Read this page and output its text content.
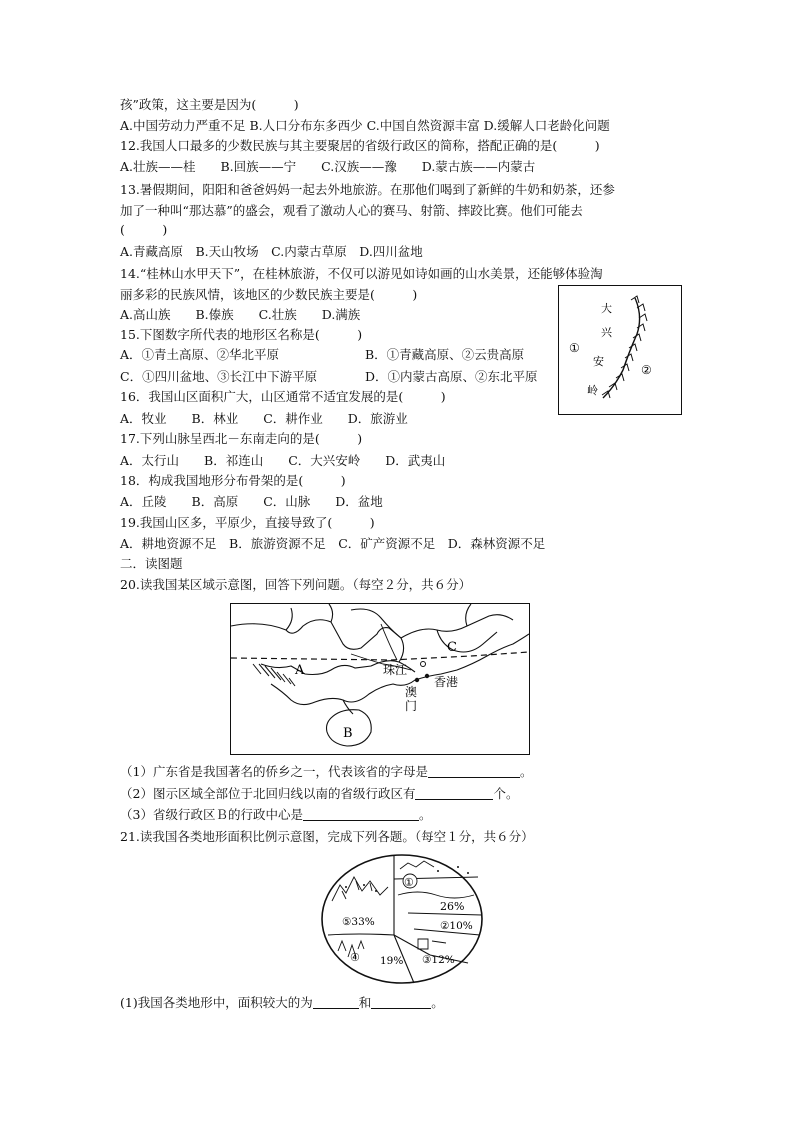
孩”政策，这主要是因为(　　　)
A.中国劳动力严重不足 B.人口分布东多西少 C.中国自然资源丰富 D.缓解人口老龄化问题
12.我国人口最多的少数民族与其主要聚居的省级行政区的简称，搭配正确的是(　　　)
A.壮族——桂　　B.回族——宁　　C.汉族——豫　　D.蒙古族——内蒙古
13.暑假期间，阳阳和爸爸妈妈一起去外地旅游。在那他们喝到了新鲜的牛奶和奶茶，还参
加了一种叫“那达慕”的盛会，观看了激动人心的赛马、射箭、摔跤比赛。他们可能去
(　　　)
A.青藏高原　B.天山牧场　C.内蒙古草原　D.四川盆地
14.“桂林山水甲天下”，在桂林旅游，不仅可以游见如诗如画的山水美景，还能够体验淘
丽多彩的民族风情，该地区的少数民族主要是(　　　)
A.高山族　　B.傣族　　C.壮族　　D.满族
15.下图数字所代表的地形区名称是(　　　)
A．①青土高原、②华北平原	B．①青藏高原、②云贵高原
C．①四川盆地、③长江中下游平原	D．①内蒙古高原、②东北平原
16．我国山区面积广大，山区通常不适宜发展的是(　　　)
A．牧业　　B．林业　　C．耕作业　　D．旅游业
17.下列山脉呈西北－东南走向的是(　　　)
A．太行山　　B．祁连山　　C．大兴安岭　　D．武夷山
18．构成我国地形分布骨架的是(　　　)
A．丘陵　　B．高原　　C．山脉　　D．盆地
19.我国山区多，平原少，直接导致了(　　　)
A．耕地资源不足　B．旅游资源不足　C．矿产资源不足　D．森林资源不足
二．读图题
20.读我国某区域示意图，回答下列问题。（每空２分，共６分）
（1）广东省是我国著名的侨乡之一，代表该省的字母是	。
（2）图示区域全部位于北回归线以南的省级行政区有	个。
（3）省级行政区Ｂ的行政中心是	。
21.读我国各类地形面积比例示意图，完成下列各题。（每空１分，共６分）
(1)我国各类地形中，面积较大的为	和	。
大
兴
安
岭
①
②
A
B
C
珠江
香港
澳
门
①
26%
②10%
③12%
④ 19%
⑤33%
